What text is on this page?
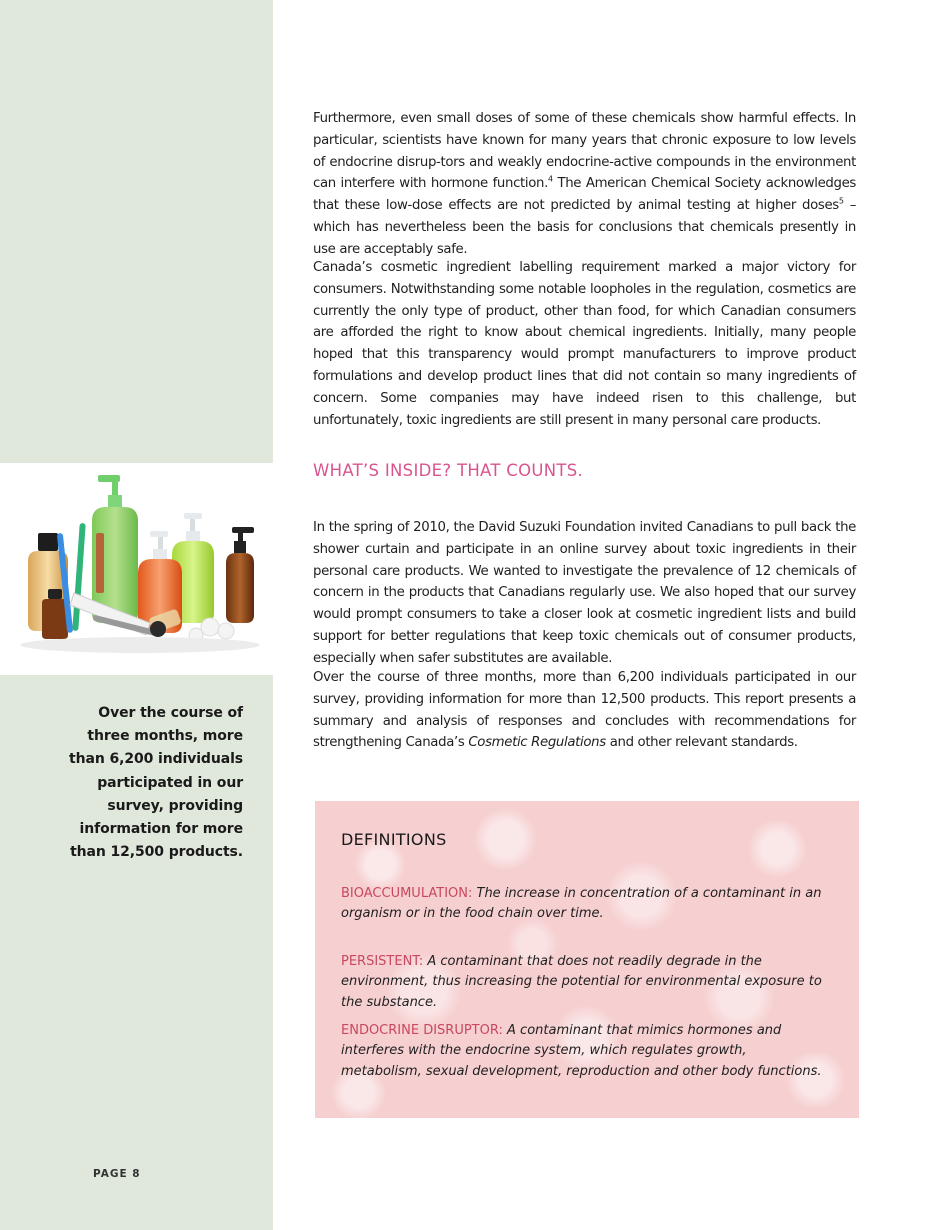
Over the course of three months, more than 6,200 individuals participated in our survey, providing information for more than 12,500 products.
PAGE 8

Furthermore, even small doses of some of these chemicals show harmful effects. In particular, scientists have known for many years that chronic exposure to low levels of endocrine disrup-tors and weakly endocrine-active compounds in the environment can interfere with hormone function.$^4$ The American Chemical Society acknowledges that these low-dose effects are not predicted by animal testing at higher doses$^5$ – which has nevertheless been the basis for conclusions that chemicals presently in use are acceptably safe.

Canada’s cosmetic ingredient labelling requirement marked a major victory for consumers. Notwithstanding some notable loopholes in the regulation, cosmetics are currently the only type of product, other than food, for which Canadian consumers are afforded the right to know about chemical ingredients. Initially, many people hoped that this transparency would prompt manufacturers to improve product formulations and develop product lines that did not contain so many ingredients of concern. Some companies may have indeed risen to this challenge, but unfortunately, toxic ingredients are still present in many personal care products.

WHAT’S INSIDE? THAT COUNTS.

In the spring of 2010, the David Suzuki Foundation invited Canadians to pull back the shower curtain and participate in an online survey about toxic ingredients in their personal care products. We wanted to investigate the prevalence of 12 chemicals of concern in the products that Canadians regularly use. We also hoped that our survey would prompt consumers to take a closer look at cosmetic ingredient lists and build support for better regulations that keep toxic chemicals out of consumer products, especially when safer substitutes are available.

Over the course of three months, more than 6,200 individuals participated in our survey, providing information for more than 12,500 products. This report presents a summary and analysis of responses and concludes with recommendations for strengthening Canada’s Cosmetic Regulations and other relevant standards.

DEFINITIONS
BIOACCUMULATION: The increase in concentration of a contaminant in an organism or in the food chain over time.
PERSISTENT: A contaminant that does not readily degrade in the environment, thus increasing the potential for environmental exposure to the substance.
ENDOCRINE DISRUPTOR: A contaminant that mimics hormones and interferes with the endocrine system, which regulates growth, metabolism, sexual development, reproduction and other body functions.
